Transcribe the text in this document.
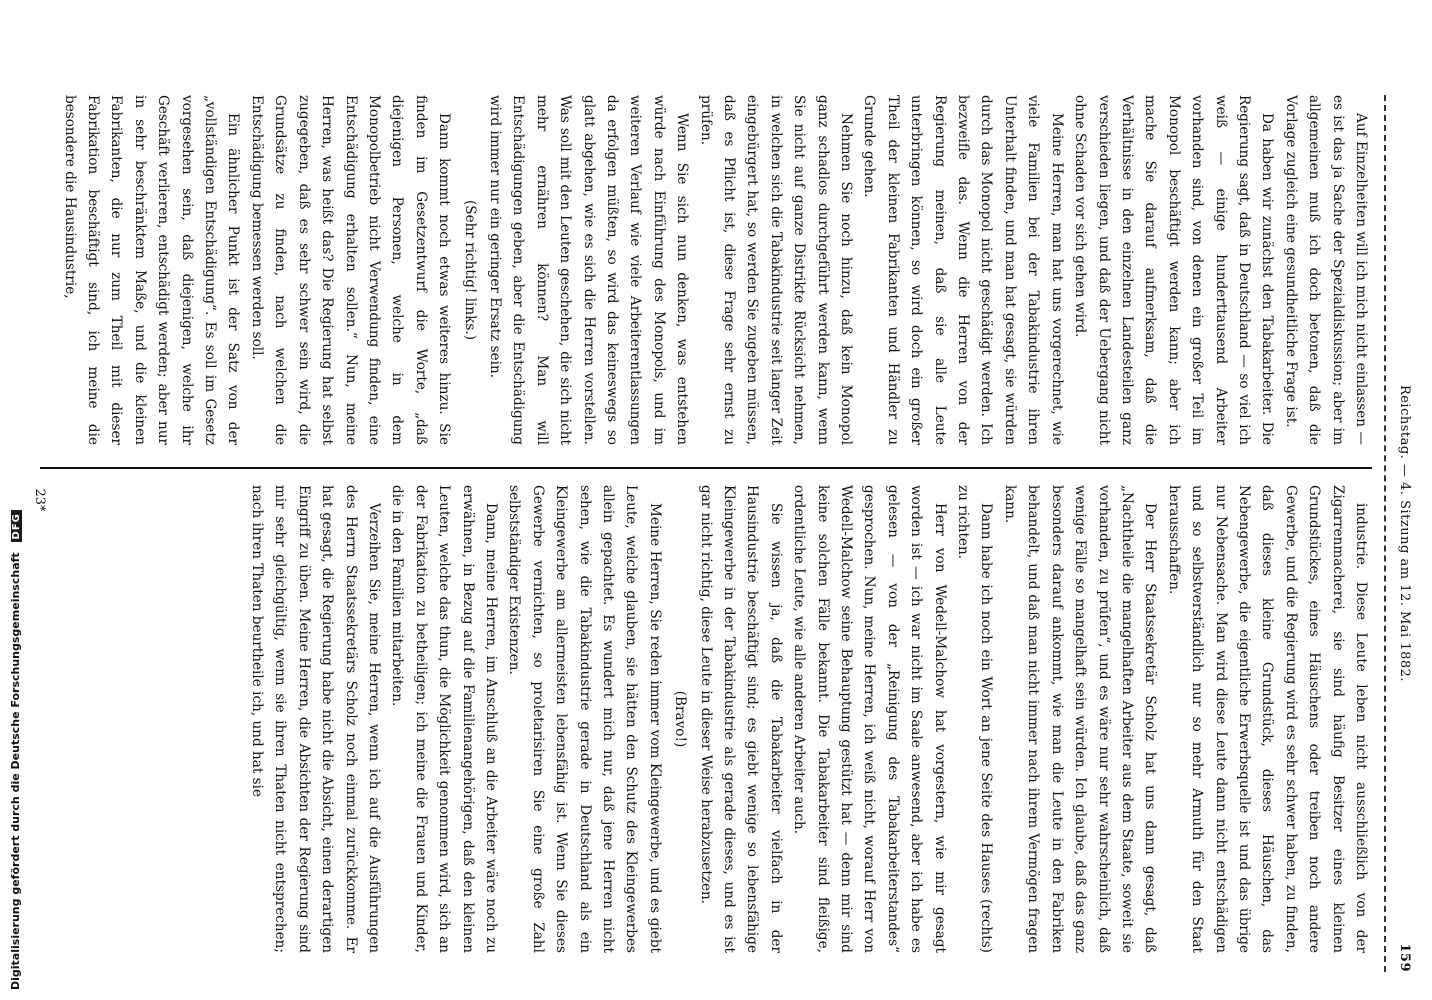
Reichstag. — 4. Sitzung am 12. Mai 1882.
159

Auf Einzelheiten will ich mich nicht einlassen — es ist das ja Sache der Spezialdiskussion; aber im allgemeinen muß ich doch betonen, daß die Vorlage zugleich eine gesundheitliche Frage ist.

Da haben wir zunächst den Tabakarbeiter. Die Regierung sagt, daß in Deutschland — so viel ich weiß — einige hunderttausend Arbeiter vorhanden sind, von denen ein großer Teil im Monopol beschäftigt werden kann; aber ich mache Sie darauf aufmerksam, daß die Verhältnisse in den einzelnen Landesteilen ganz verschieden liegen, und daß der Uebergang nicht ohne Schaden vor sich gehen wird.

Meine Herren, man hat uns vorgerechnet, wie viele Familien bei der Tabakindustrie ihren Unterhalt finden, und man hat gesagt, sie würden durch das Monopol nicht geschädigt werden. Ich bezweifle das. Wenn die Herren von der Regierung meinen, daß sie alle Leute unterbringen können, so wird doch ein großer Theil der kleinen Fabrikanten und Händler zu Grunde gehen.

Nehmen Sie noch hinzu, daß kein Monopol ganz schadlos durchgeführt werden kann, wenn Sie nicht auf ganze Distrikte Rücksicht nehmen, in welchen sich die Tabakindustrie seit langer Zeit eingebürgert hat, so werden Sie zugeben müssen, daß es Pflicht ist, diese Frage sehr ernst zu prüfen.

Wenn Sie sich nun denken, was entstehen würde nach Einführung des Monopols, und im weiteren Verlauf wie viele Arbeiterentlassungen da erfolgen müßten, so wird das keineswegs so glatt abgehen, wie es sich die Herren vorstellen. Was soll mit den Leuten geschehen, die sich nicht mehr ernähren können? Man will Entschädigungen geben, aber die Entschädigung wird immer nur ein geringer Ersatz sein.

(Sehr richtig! links.)

Dann kommt noch etwas weiteres hinzu. Sie finden im Gesetzentwurf die Worte, „daß diejenigen Personen, welche in dem Monopolbetrieb nicht Verwendung finden, eine Entschädigung erhalten sollen.“ Nun, meine Herren, was heißt das? Die Regierung hat selbst zugegeben, daß es sehr schwer sein wird, die Grundsätze zu finden, nach welchen die Entschädigung bemessen werden soll.

Ein ähnlicher Punkt ist der Satz von der „vollständigen Entschädigung“. Es soll im Gesetz vorgesehen sein, daß diejenigen, welche ihr Geschäft verlieren, entschädigt werden; aber nur in sehr beschränktem Maße, und die kleinen Fabrikanten, die nur zum Theil mit dieser Fabrikation beschäftigt sind, ich meine die besondere die Hausindustrie,

industrie. Diese Leute leben nicht ausschließlich von der Zigarrenmacherei, sie sind häufig Besitzer eines kleinen Grundstückes, eines Häuschens oder treiben noch andere Gewerbe, und die Regierung wird es sehr schwer haben, zu finden, daß dieses kleine Grundstück, dieses Häuschen, das Nebengewerbe, die eigentliche Erwerbsquelle ist und das übrige nur Nebensache. Man wird diese Leute dann nicht entschädigen und so selbstverständlich nur so mehr Armuth für den Staat herausschaffen.

Der Herr Staatssekretär Scholz hat uns dann gesagt, daß „Nachtheile die mangelhaften Arbeiter aus dem Staate, soweit sie vorhanden, zu prüfen“, und es wäre nur sehr wahrscheinlich, daß wenige Fälle so mangelhaft sein würden. Ich glaube, daß das ganz besonders darauf ankommt, wie man die Leute in den Fabriken behandelt, und daß man nicht immer nach ihrem Vermögen fragen kann.

Dann habe ich noch ein Wort an jene Seite des Hauses (rechts) zu richten.

Herr von Wedell-Malchow hat vorgestern, wie mir gesagt worden ist — ich war nicht im Saale anwesend, aber ich habe es gelesen — von der „Reinigung des Tabakarbeiterstandes“ gesprochen. Nun, meine Herren, ich weiß nicht, worauf Herr von Wedell-Malchow seine Behauptung gestützt hat — denn mir sind keine solchen Fälle bekannt. Die Tabakarbeiter sind fleißige, ordentliche Leute, wie alle anderen Arbeiter auch.

Sie wissen ja, daß die Tabakarbeiter vielfach in der Hausindustrie beschäftigt sind; es giebt wenige so lebensfähige Kleingewerbe in der Tabakindustrie als gerade dieses, und es ist gar nicht richtig, diese Leute in dieser Weise herabzusetzen.

(Bravo!)

Meine Herren, Sie reden immer vom Kleingewerbe, und es giebt Leute, welche glauben, sie hätten den Schutz des Kleingewerbes allein gepachtet. Es wundert mich nur, daß jene Herren nicht sehen, wie die Tabakindustrie gerade in Deutschland als ein Kleingewerbe am allermeisten lebensfähig ist. Wenn Sie dieses Gewerbe vernichten, so proletarisiren Sie eine große Zahl selbstständiger Existenzen.

Dann, meine Herren, im Anschluß an die Arbeiter wäre noch zu erwähnen, in Bezug auf die Familienangehörigen, daß den kleinen Leuten, welche das thun, die Möglichkeit genommen wird, sich an der Fabrikation zu betheiligen; ich meine die Frauen und Kinder, die in den Familien mitarbeiten.

Verzeihen Sie, meine Herren, wenn ich auf die Ausführungen des Herrn Staatssekretärs Scholz noch einmal zurückkomme. Er hat gesagt, die Regierung habe nicht die Absicht, einen derartigen Eingriff zu üben. Meine Herren, die Absichten der Regierung sind mir sehr gleichgültig, wenn sie ihren Thaten nicht entsprechen; nach ihren Thaten beurtheile ich, und hat sie

23*
Digitalisierung gefördert durch die Deutsche Forschungsgemeinschaft DFG
